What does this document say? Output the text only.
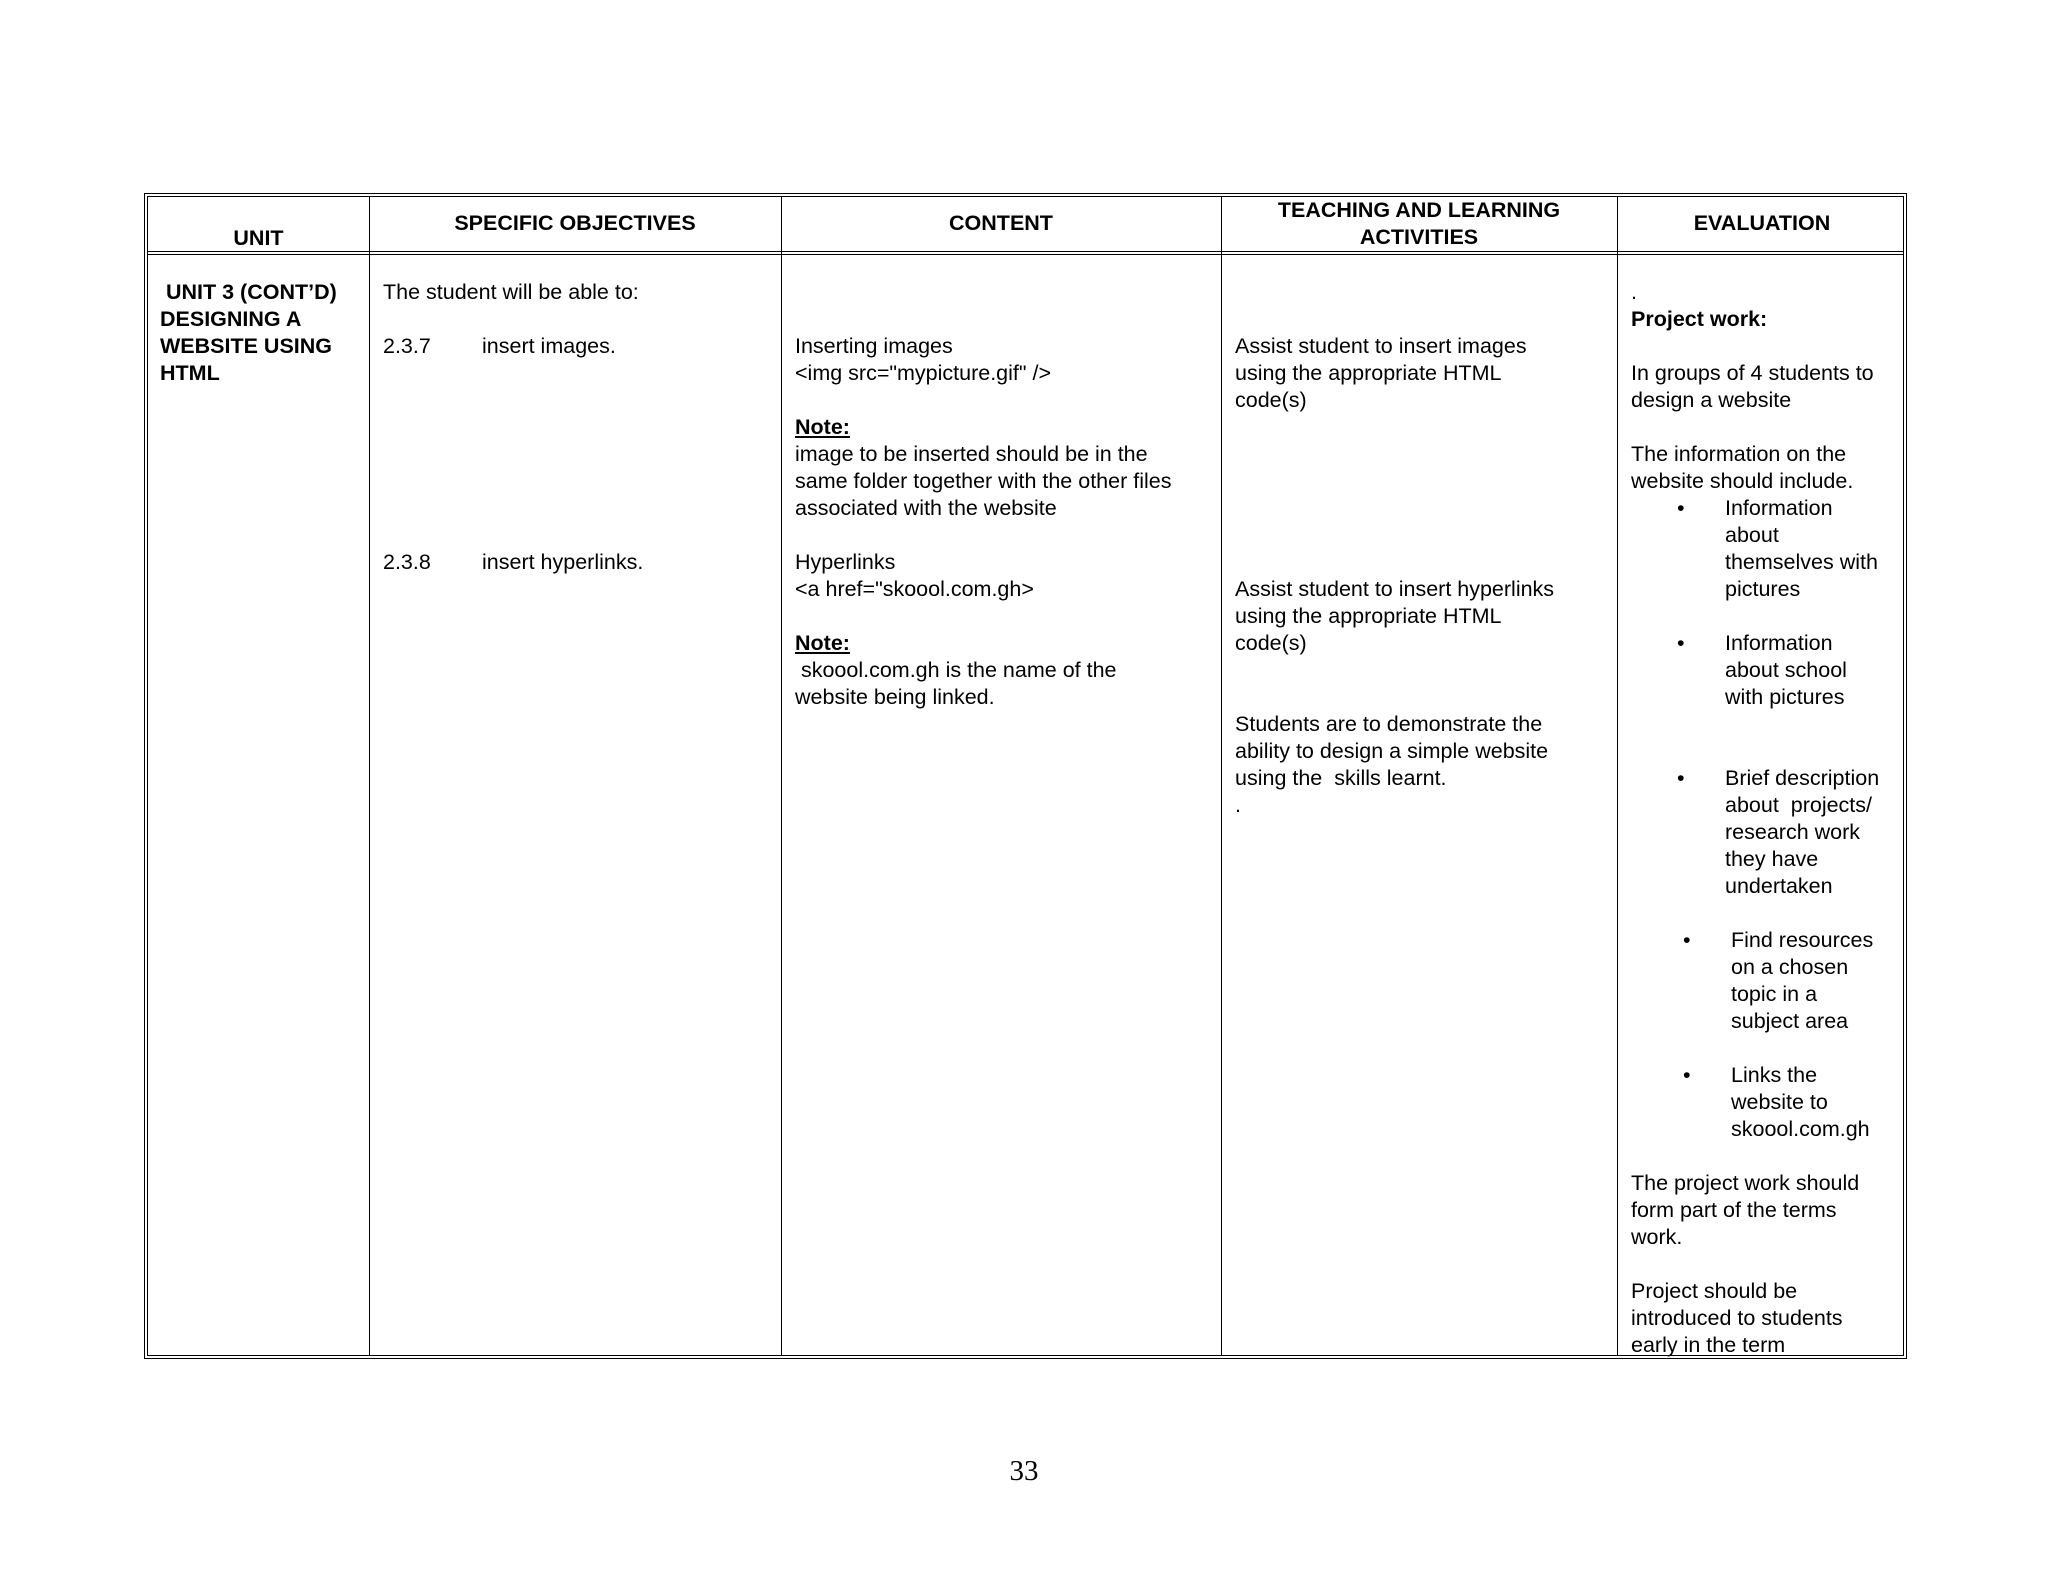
UNIT
SPECIFIC OBJECTIVES	CONTENT
TEACHING AND LEARNING
ACTIVITIES
EVALUATION
UNIT 3 (CONT’D)
DESIGNING A
WEBSITE USING
HTML
The student will be able to:
2.3.7 insert images.
2.3.8 insert hyperlinks.
Inserting images
<img src="mypicture.gif" />
Note:
image to be inserted should be in the
same folder together with the other files
associated with the website
Hyperlinks
<a href="skoool.com.gh>
Note:
skoool.com.gh is the name of the
website being linked.
Assist student to insert images
using the appropriate HTML
code(s)
Assist student to insert hyperlinks
using the appropriate HTML
code(s)
Students are to demonstrate the
ability to design a simple website
using the  skills learnt.
.
.
Project work:
In groups of 4 students to
design a website
The information on the
website should include.
• Information
about
themselves with
pictures
• Information
about school
with pictures
• Brief description
about  projects/
research work
they have
undertaken
• Find resources
on a chosen
topic in a
subject area
• Links the
website to
skoool.com.gh
The project work should
form part of the terms
work.
Project should be
introduced to students
early in the term
33
